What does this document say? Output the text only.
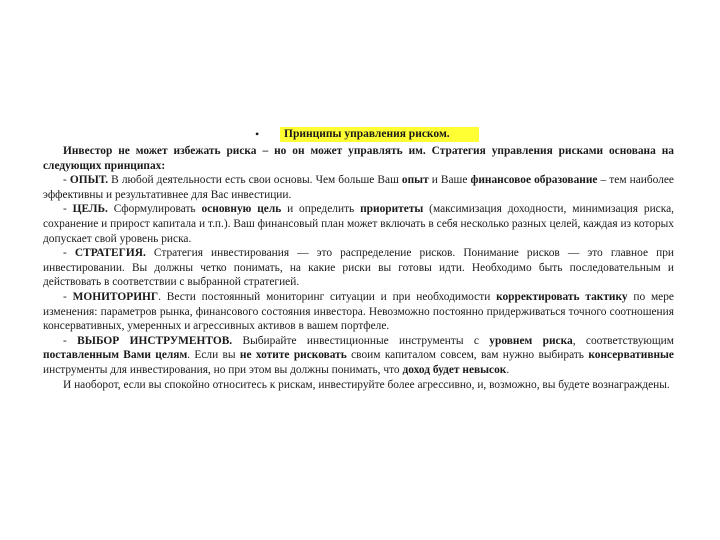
•	Принципы управления риском.

Инвестор не может избежать риска – но он может управлять им. Стратегия управления рисками основана на следующих принципах:

- ОПЫТ. В любой деятельности есть свои основы. Чем больше Ваш опыт и Ваше финансовое образование – тем наиболее эффективны и результативнее для Вас инвестиции.

- ЦЕЛЬ. Сформулировать основную цель и определить приоритеты (максимизация доходности, минимизация риска, сохранение и прирост капитала и т.п.). Ваш финансовый план может включать в себя несколько разных целей, каждая из которых допускает свой уровень риска.

- СТРАТЕГИЯ. Стратегия инвестирования — это распределение рисков. Понимание рисков — это главное при инвестировании. Вы должны четко понимать, на какие риски вы готовы идти. Необходимо быть последовательным и действовать в соответствии с выбранной стратегией.

- МОНИТОРИНГ. Вести постоянный мониторинг ситуации и при необходимости корректировать тактику по мере изменения: параметров рынка, финансового состояния инвестора. Невозможно постоянно придерживаться точного соотношения консервативных, умеренных и агрессивных активов в вашем портфеле.

- ВЫБОР ИНСТРУМЕНТОВ. Выбирайте инвестиционные инструменты с уровнем риска, соответствующим поставленным Вами целям. Если вы не хотите рисковать своим капиталом совсем, вам нужно выбирать консервативные инструменты для инвестирования, но при этом вы должны понимать, что доход будет невысок.

И наоборот, если вы спокойно относитесь к рискам, инвестируйте более агрессивно, и, возможно, вы будете вознаграждены.
